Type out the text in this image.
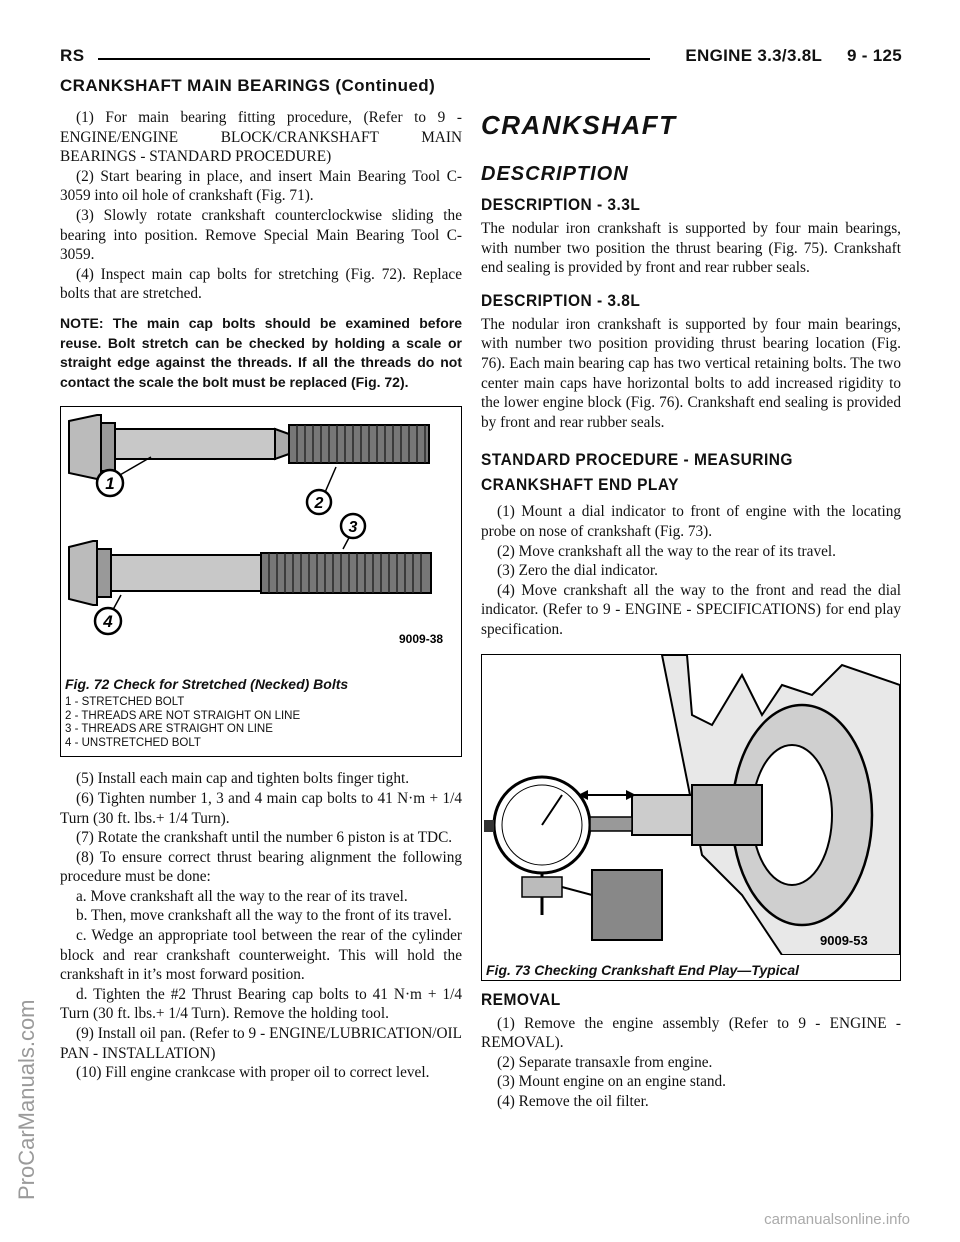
RS	ENGINE 3.3/3.8L     9 - 125
CRANKSHAFT MAIN BEARINGS (Continued)

(1) For main bearing fitting procedure, (Refer to 9 - ENGINE/ENGINE BLOCK/CRANKSHAFT MAIN BEARINGS - STANDARD PROCEDURE)

(2) Start bearing in place, and insert Main Bearing Tool C-3059 into oil hole of crankshaft (Fig. 71).

(3) Slowly rotate crankshaft counterclockwise sliding the bearing into position. Remove Special Main Bearing Tool C-3059.

(4) Inspect main cap bolts for stretching (Fig. 72). Replace bolts that are stretched.

NOTE: The main cap bolts should be examined before reuse. Bolt stretch can be checked by holding a scale or straight edge against the threads. If all the threads do not contact the scale the bolt must be replaced (Fig. 72).

1
2
3
4
9009-38
Fig. 72 Check for Stretched (Necked) Bolts
1 - STRETCHED BOLT
2 - THREADS ARE NOT STRAIGHT ON LINE
3 - THREADS ARE STRAIGHT ON LINE
4 - UNSTRETCHED BOLT

(5) Install each main cap and tighten bolts finger tight.

(6) Tighten number 1, 3 and 4 main cap bolts to 41 N·m + 1/4 Turn (30 ft. lbs.+ 1/4 Turn).

(7) Rotate the crankshaft until the number 6 piston is at TDC.

(8) To ensure correct thrust bearing alignment the following procedure must be done:

a. Move crankshaft all the way to the rear of its travel.

b. Then, move crankshaft all the way to the front of its travel.

c. Wedge an appropriate tool between the rear of the cylinder block and rear crankshaft counterweight. This will hold the crankshaft in it’s most forward position.

d. Tighten the #2 Thrust Bearing cap bolts to 41 N·m + 1/4 Turn (30 ft. lbs.+ 1/4 Turn). Remove the holding tool.

(9) Install oil pan. (Refer to 9 - ENGINE/LUBRICATION/OIL PAN - INSTALLATION)

(10) Fill engine crankcase with proper oil to correct level.

CRANKSHAFT
DESCRIPTION
DESCRIPTION - 3.3L

The nodular iron crankshaft is supported by four main bearings, with number two position the thrust bearing (Fig. 75). Crankshaft end sealing is provided by front and rear rubber seals.

DESCRIPTION - 3.8L

The nodular iron crankshaft is supported by four main bearings, with number two position providing thrust bearing location (Fig. 76). Each main bearing cap has two vertical retaining bolts. The two center main caps have horizontal bolts to add increased rigidity to the lower engine block (Fig. 76). Crankshaft end sealing is provided by front and rear rubber seals.

STANDARD PROCEDURE - MEASURING CRANKSHAFT END PLAY

(1) Mount a dial indicator to front of engine with the locating probe on nose of crankshaft (Fig. 73).

(2) Move crankshaft all the way to the rear of its travel.

(3) Zero the dial indicator.

(4) Move crankshaft all the way to the front and read the dial indicator. (Refer to 9 - ENGINE - SPECIFICATIONS) for end play specification.

9009-53
Fig. 73 Checking Crankshaft End Play—Typical
REMOVAL

(1) Remove the engine assembly (Refer to 9 - ENGINE - REMOVAL).

(2) Separate transaxle from engine.

(3) Mount engine on an engine stand.

(4) Remove the oil filter.

ProCarManuals.com
carmanualsonline.info
